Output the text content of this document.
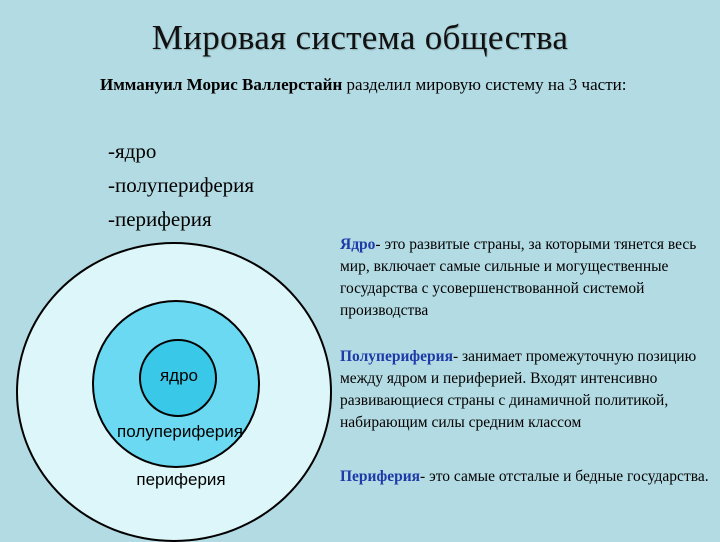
Мировая система общества
Иммануил Морис Валлерстайн разделил мировую систему на 3 части:
-ядро
-полупериферия
-периферия
ядро
полупериферия
периферия
Ядро- это развитые страны, за которыми тянется весь мир, включает самые сильные и могущественные государства с усовершенствованной системой производства
Полупериферия- занимает промежуточную позицию между ядром и периферией. Входят интенсивно развивающиеся страны с динамичной политикой, набирающим силы средним классом
Периферия- это самые отсталые и бедные государства.
